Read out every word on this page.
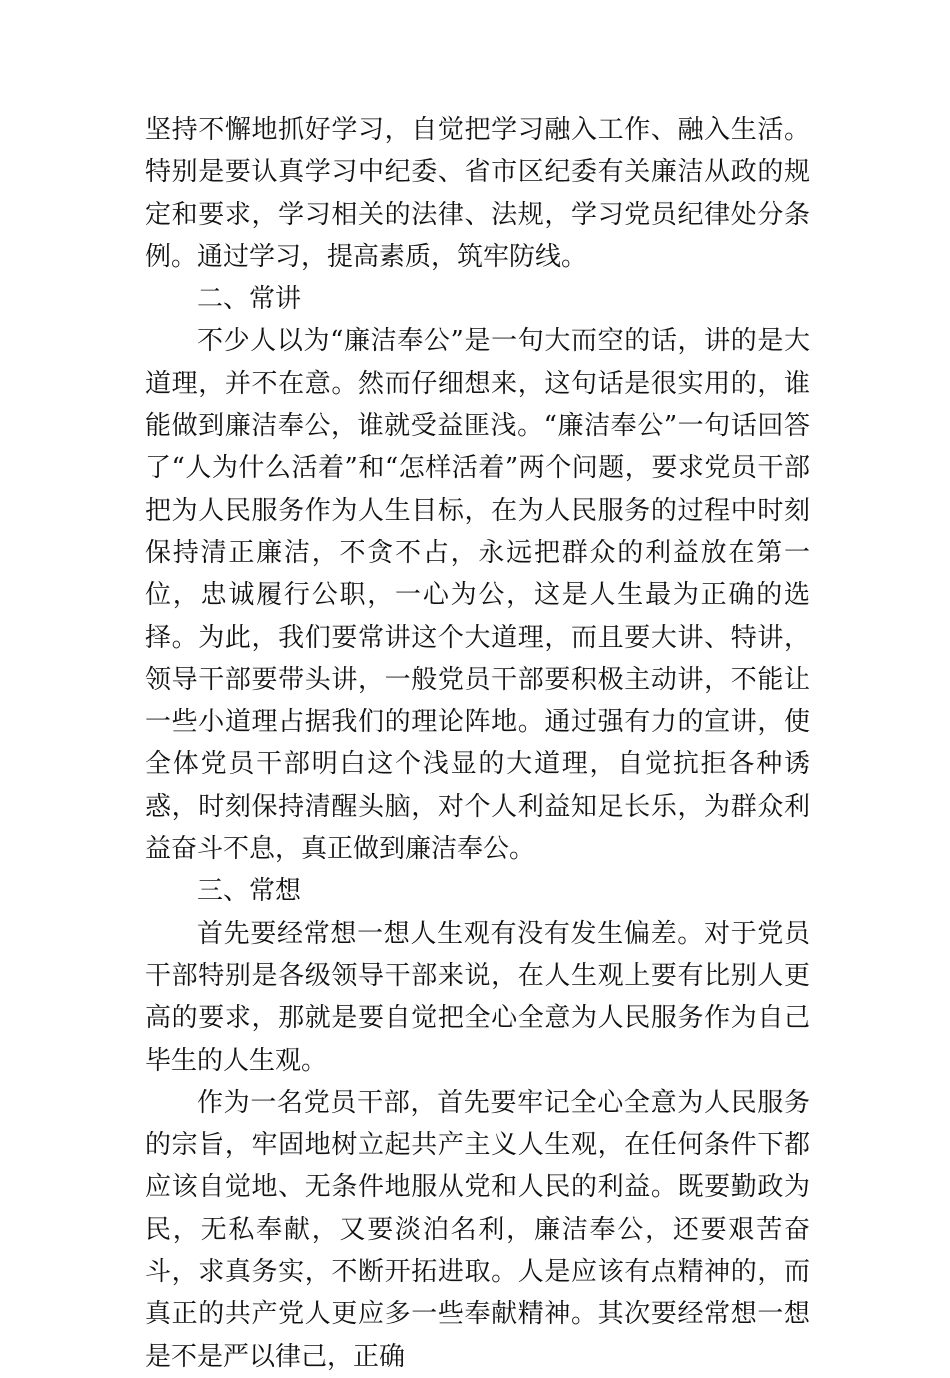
坚持不懈地抓好学习，自觉把学习融入工作、融入生活。特别是要认真学习中纪委、省市区纪委有关廉洁从政的规定和要求，学习相关的法律、法规，学习党员纪律处分条例。通过学习，提高素质，筑牢防线。

二、常讲

不少人以为“廉洁奉公”是一句大而空的话，讲的是大道理，并不在意。然而仔细想来，这句话是很实用的，谁能做到廉洁奉公，谁就受益匪浅。“廉洁奉公”一句话回答了“人为什么活着”和“怎样活着”两个问题，要求党员干部把为人民服务作为人生目标，在为人民服务的过程中时刻保持清正廉洁，不贪不占，永远把群众的利益放在第一位，忠诚履行公职，一心为公，这是人生最为正确的选择。为此，我们要常讲这个大道理，而且要大讲、特讲，领导干部要带头讲，一般党员干部要积极主动讲，不能让一些小道理占据我们的理论阵地。通过强有力的宣讲，使全体党员干部明白这个浅显的大道理，自觉抗拒各种诱惑，时刻保持清醒头脑，对个人利益知足长乐，为群众利益奋斗不息，真正做到廉洁奉公。

三、常想

首先要经常想一想人生观有没有发生偏差。对于党员干部特别是各级领导干部来说，在人生观上要有比别人更高的要求，那就是要自觉把全心全意为人民服务作为自己毕生的人生观。

作为一名党员干部，首先要牢记全心全意为人民服务的宗旨，牢固地树立起共产主义人生观，在任何条件下都应该自觉地、无条件地服从党和人民的利益。既要勤政为民，无私奉献，又要淡泊名利，廉洁奉公，还要艰苦奋斗，求真务实，不断开拓进取。人是应该有点精神的，而真正的共产党人更应多一些奉献精神。其次要经常想一想是不是严以律己，正确
